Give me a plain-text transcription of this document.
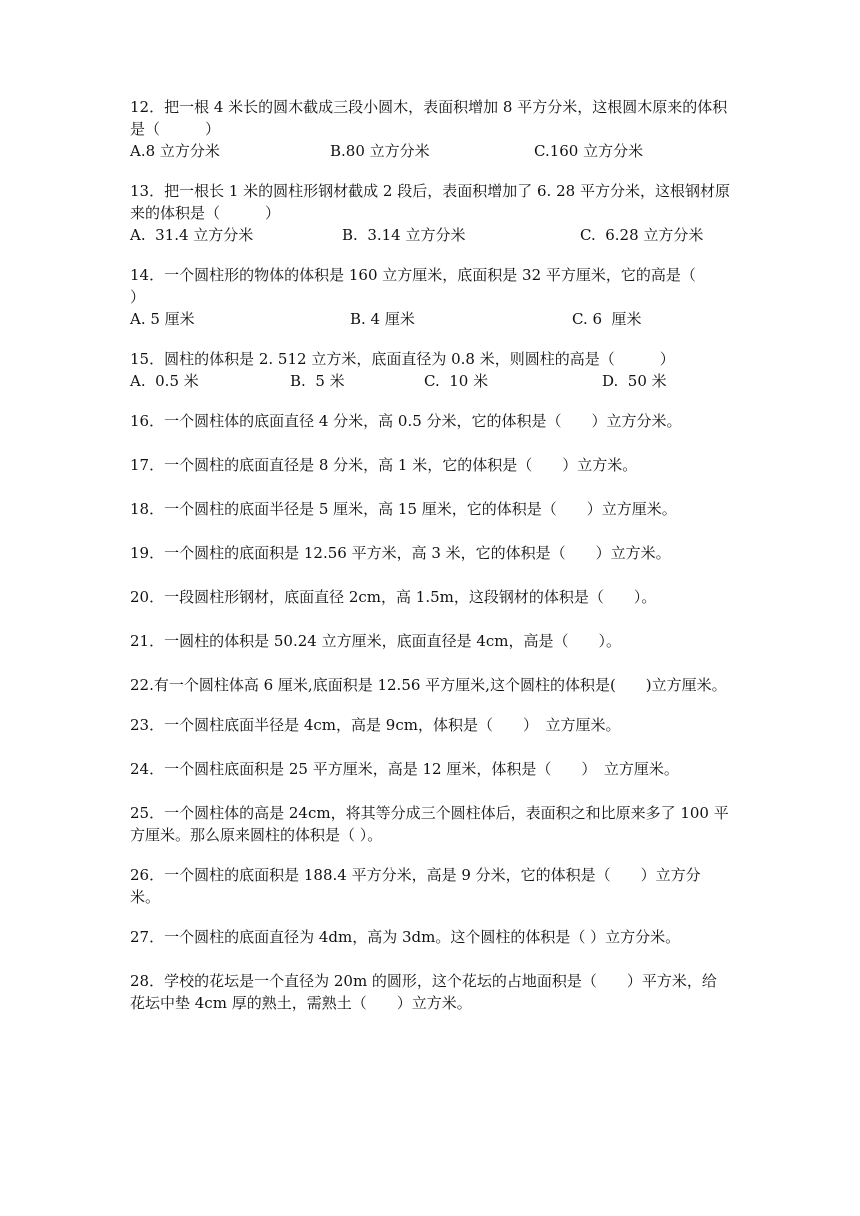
12．把一根 4 米长的圆木截成三段小圆木，表面积增加 8 平方分米，这根圆木原来的体积是（　　　）

A.8 立方分米	B.80 立方分米	C.160 立方分米

13．把一根长 1 米的圆柱形钢材截成 2 段后，表面积增加了 6. 28 平方分米，这根钢材原来的体积是（　　　）

A.  31.4 立方分米	B.  3.14 立方分米	C.  6.28 立方分米

14．一个圆柱形的物体的体积是 160 立方厘米，底面积是 32 平方厘米，它的高是（　　）

A. 5 厘米	B. 4 厘米	C. 6  厘米

15．圆柱的体积是 2. 512 立方米，底面直径为 0.8 米，则圆柱的高是（　　　）

A.  0.5 米	B.  5 米	C.  10 米	D.  50 米

16．一个圆柱体的底面直径 4 分米，高 0.5 分米，它的体积是（　　）立方分米。

17．一个圆柱的底面直径是 8 分米，高 1 米，它的体积是（　　）立方米。

18．一个圆柱的底面半径是 5 厘米，高 15 厘米，它的体积是（　　）立方厘米。

19．一个圆柱的底面积是 12.56 平方米，高 3 米，它的体积是（　　）立方米。

20．一段圆柱形钢材，底面直径 2cm，高 1.5m，这段钢材的体积是（　　）。

21．一圆柱的体积是 50.24 立方厘米，底面直径是 4cm，高是（　　）。

22.有一个圆柱体高 6 厘米,底面积是 12.56 平方厘米,这个圆柱的体积是(　　)立方厘米。

23．一个圆柱底面半径是 4cm，高是 9cm，体积是（　　）　立方厘米。

24．一个圆柱底面积是 25 平方厘米，高是 12 厘米，体积是（　　）　立方厘米。

25．一个圆柱体的高是 24cm，将其等分成三个圆柱体后，表面积之和比原来多了 100 平方厘米。那么原来圆柱的体积是（ ）。

26．一个圆柱的底面积是 188.4 平方分米，高是 9 分米，它的体积是（　　）立方分米。

27．一个圆柱的底面直径为 4dm，高为 3dm。这个圆柱的体积是（ ）立方分米。

28．学校的花坛是一个直径为 20m 的圆形，这个花坛的占地面积是（　　）平方米，给花坛中垫 4cm 厚的熟土，需熟土（　　）立方米。
